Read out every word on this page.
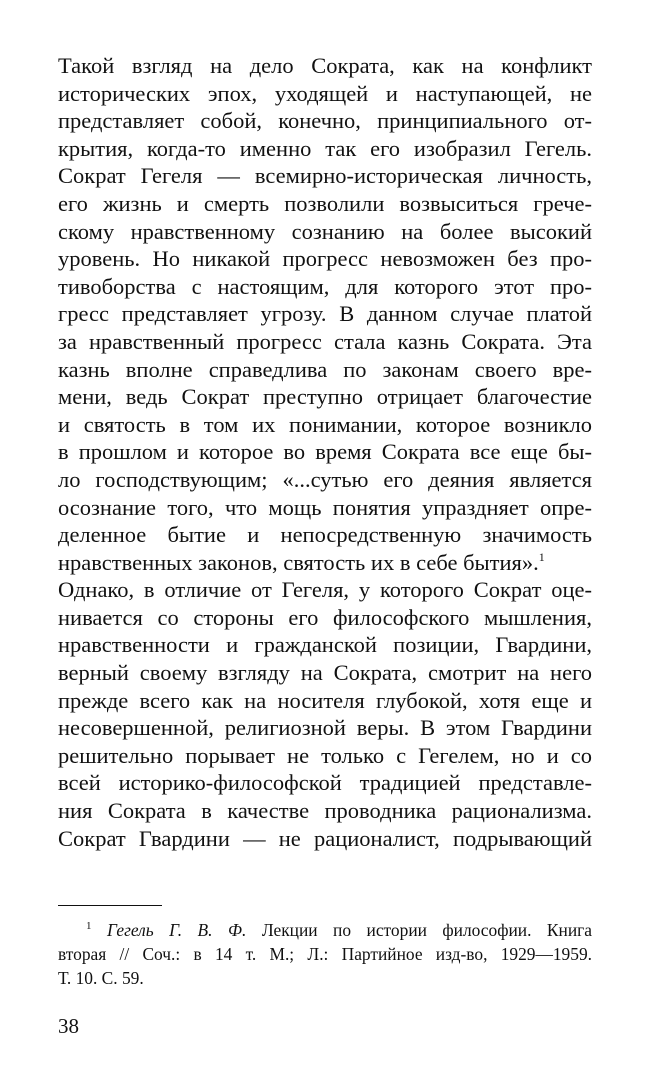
Такой взгляд на дело Сократа, как на конфликт
исторических эпох, уходящей и наступающей, не
представляет собой, конечно, принципиального от-
крытия, когда-то именно так его изобразил Гегель.
Сократ Гегеля — всемирно-историческая личность,
его жизнь и смерть позволили возвыситься грече-
скому нравственному сознанию на более высокий
уровень. Но никакой прогресс невозможен без про-
тивоборства с настоящим, для которого этот про-
гресс представляет угрозу. В данном случае платой
за нравственный прогресс стала казнь Сократа. Эта
казнь вполне справедлива по законам своего вре-
мени, ведь Сократ преступно отрицает благочестие
и святость в том их понимании, которое возникло
в прошлом и которое во время Сократа все еще бы-
ло господствующим; «...сутью его деяния является
осознание того, что мощь понятия упраздняет опре-
деленное бытие и непосредственную значимость
нравственных законов, святость их в себе бытия».$^1$
Однако, в отличие от Гегеля, у которого Сократ оце-
нивается со стороны его философского мышления,
нравственности и гражданской позиции, Гвардини,
верный своему взгляду на Сократа, смотрит на него
прежде всего как на носителя глубокой, хотя еще и
несовершенной, религиозной веры. В этом Гвардини
решительно порывает не только с Гегелем, но и со
всей историко-философской традицией представле-
ния Сократа в качестве проводника рационализма.
Сократ Гвардини — не рационалист, подрывающий
$^1$ Гегель Г. В. Ф. Лекции по истории философии. Книга
вторая // Соч.: в 14 т. М.; Л.: Партийное изд-во, 1929—1959.
Т. 10. С. 59.
38
